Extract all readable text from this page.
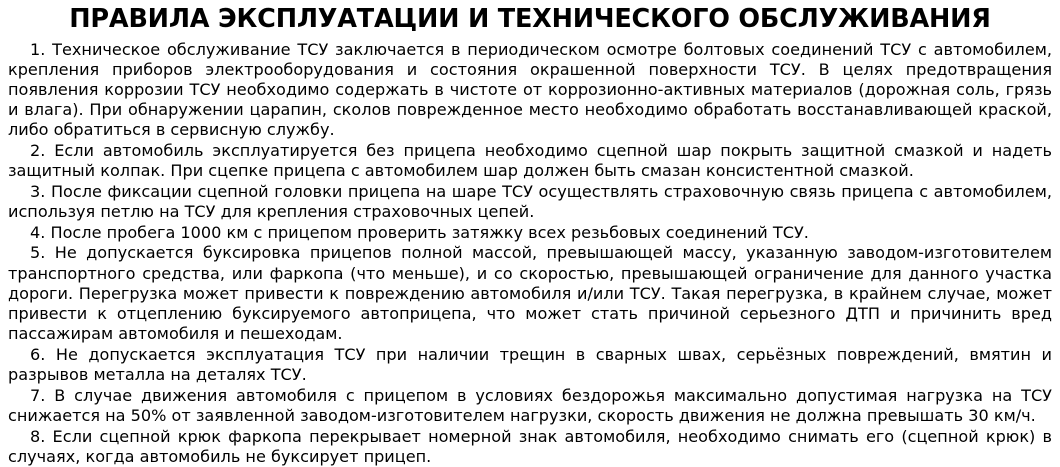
ПРАВИЛА ЭКСПЛУАТАЦИИ И ТЕХНИЧЕСКОГО ОБСЛУЖИВАНИЯ

1. Техническое обслуживание ТСУ заключается в периодическом осмотре болтовых соединений ТСУ с автомобилем, крепления приборов электрооборудования и состояния окрашенной поверхности ТСУ. В целях предотвращения появления коррозии ТСУ необходимо содержать в чистоте от коррозионно-активных материалов (дорожная соль, грязь и влага). При обнаружении царапин, сколов поврежденное место необходимо обработать восстанавливающей краской, либо обратиться в сервисную службу.

2. Если автомобиль эксплуатируется без прицепа необходимо сцепной шар покрыть защитной смазкой и надеть защитный колпак. При сцепке прицепа с автомобилем шар должен быть смазан консистентной смазкой.

3. После фиксации сцепной головки прицепа на шаре ТСУ осуществлять страховочную связь прицепа с автомобилем, используя петлю на ТСУ для крепления страховочных цепей.

4. После пробега 1000 км с прицепом проверить затяжку всех резьбовых соединений ТСУ.

5. Не допускается буксировка прицепов полной массой, превышающей массу, указанную заводом-изготовителем транспортного средства, или фаркопа (что меньше), и со скоростью, превышающей ограничение для данного участка дороги. Перегрузка может привести к повреждению автомобиля и/или ТСУ. Такая перегрузка, в крайнем случае, может привести к отцеплению буксируемого автоприцепа, что может стать причиной серьезного ДТП и причинить вред пассажирам автомобиля и пешеходам.

6. Не допускается эксплуатация ТСУ при наличии трещин в сварных швах, серьёзных повреждений, вмятин и разрывов металла на деталях ТСУ.

7. В случае движения автомобиля с прицепом в условиях бездорожья максимально допустимая нагрузка на ТСУ снижается на 50% от заявленной заводом-изготовителем нагрузки, скорость движения не должна превышать 30 км/ч.

8. Если сцепной крюк фаркопа перекрывает номерной знак автомобиля, необходимо снимать его (сцепной крюк) в случаях, когда автомобиль не буксирует прицеп.
